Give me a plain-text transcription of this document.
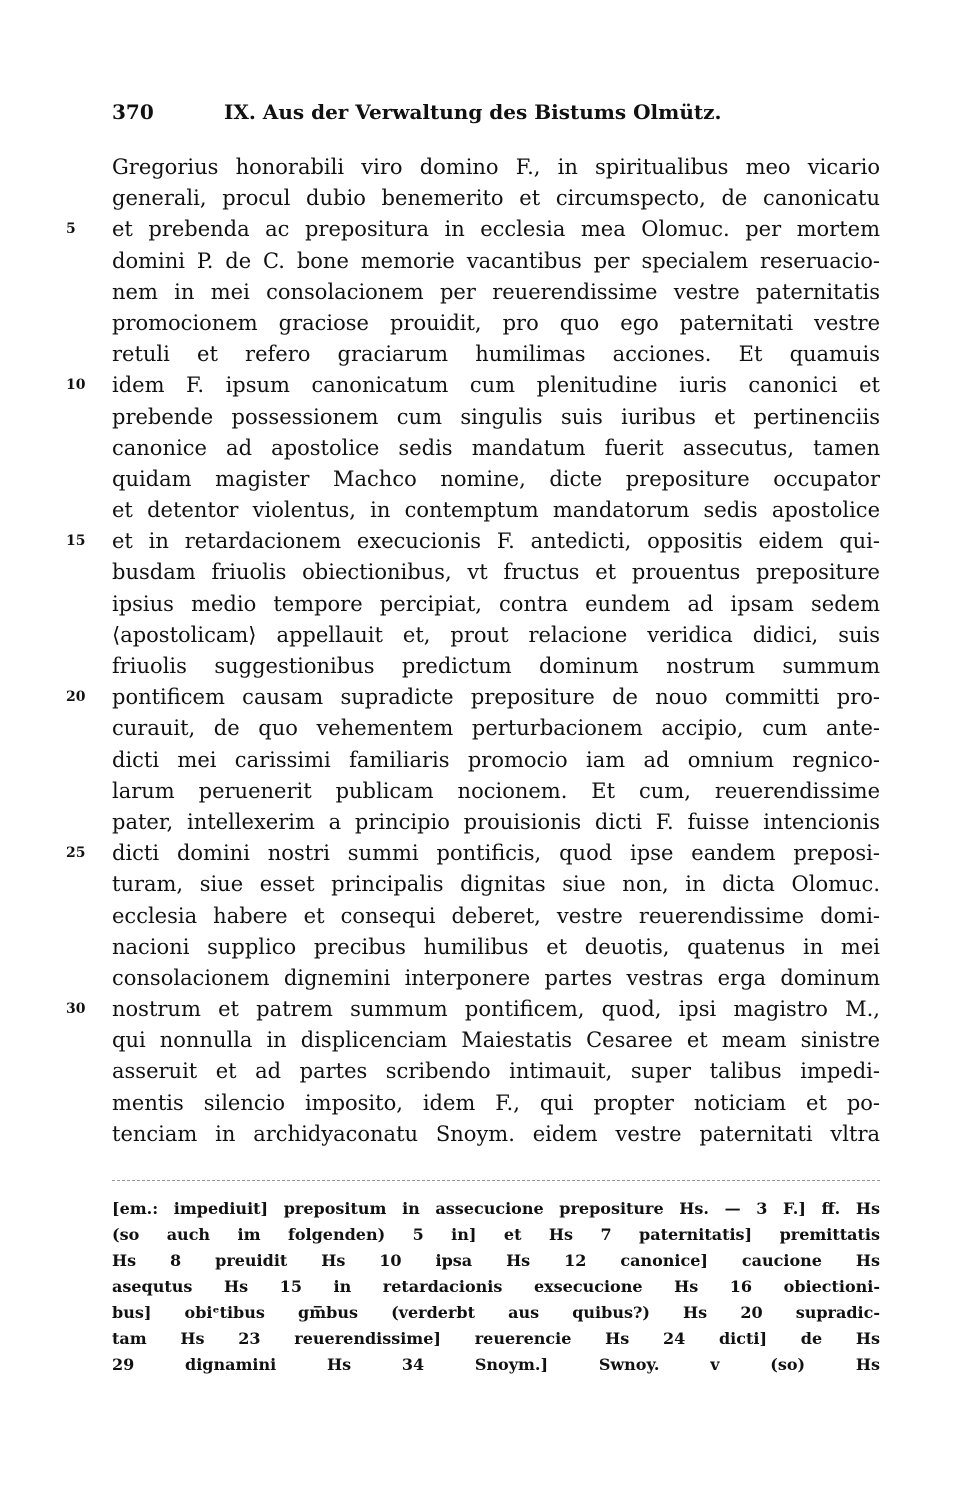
370	IX. Aus der Verwaltung des Bistums Olmütz.
Gregorius honorabili viro domino F., in spiritualibus meo vicario
generali, procul dubio benemerito et circumspecto, de canonicatu
5	et prebenda ac prepositura in ecclesia mea Olomuc. per mortem
domini P. de C. bone memorie vacantibus per specialem reseruacio-
nem in mei consolacionem per reuerendissime vestre paternitatis
promocionem graciose prouidit, pro quo ego paternitati vestre
retuli et refero graciarum humilimas acciones. Et quamuis
10	idem F. ipsum canonicatum cum plenitudine iuris canonici et
prebende possessionem cum singulis suis iuribus et pertinenciis
canonice ad apostolice sedis mandatum fuerit assecutus, tamen
quidam magister Machco nomine, dicte prepositure occupator
et detentor violentus, in contemptum mandatorum sedis apostolice
15	et in retardacionem execucionis F. antedicti, oppositis eidem qui-
busdam friuolis obiectionibus, vt fructus et prouentus prepositure
ipsius medio tempore percipiat, contra eundem ad ipsam sedem
⟨apostolicam⟩ appellauit et, prout relacione veridica didici, suis
friuolis suggestionibus predictum dominum nostrum summum
20	pontificem causam supradicte prepositure de nouo committi pro-
curauit, de quo vehementem perturbacionem accipio, cum ante-
dicti mei carissimi familiaris promocio iam ad omnium regnico-
larum peruenerit publicam nocionem. Et cum, reuerendissime
pater, intellexerim a principio prouisionis dicti F. fuisse intencionis
25	dicti domini nostri summi pontificis, quod ipse eandem preposi-
turam, siue esset principalis dignitas siue non, in dicta Olomuc.
ecclesia habere et consequi deberet, vestre reuerendissime domi-
nacioni supplico precibus humilibus et deuotis, quatenus in mei
consolacionem dignemini interponere partes vestras erga dominum
30	nostrum et patrem summum pontificem, quod, ipsi magistro M.,
qui nonnulla in displicenciam Maiestatis Cesaree et meam sinistre
asseruit et ad partes scribendo intimauit, super talibus impedi-
mentis silencio imposito, idem F., qui propter noticiam et po-
tenciam in archidyaconatu Snoym. eidem vestre paternitati vltra
[em.: impediuit] prepositum in assecucione prepositure Hs. — 3 F.] ff. Hs
(so auch im folgenden) 5 in] et Hs 7 paternitatis] premittatis
Hs 8 preuidit Hs 10 ipsa Hs 12 canonice] caucione Hs
asequtus Hs 15 in retardacionis exsecucione Hs 16 obiectioni-
bus] obiᵉtibus gm̅bus (verderbt aus quibus?) Hs 20 supradic-
tam Hs 23 reuerendissime] reuerencie Hs 24 dicti] de Hs
29 dignamini Hs 34 Snoym.] Swnoy. v (so) Hs
